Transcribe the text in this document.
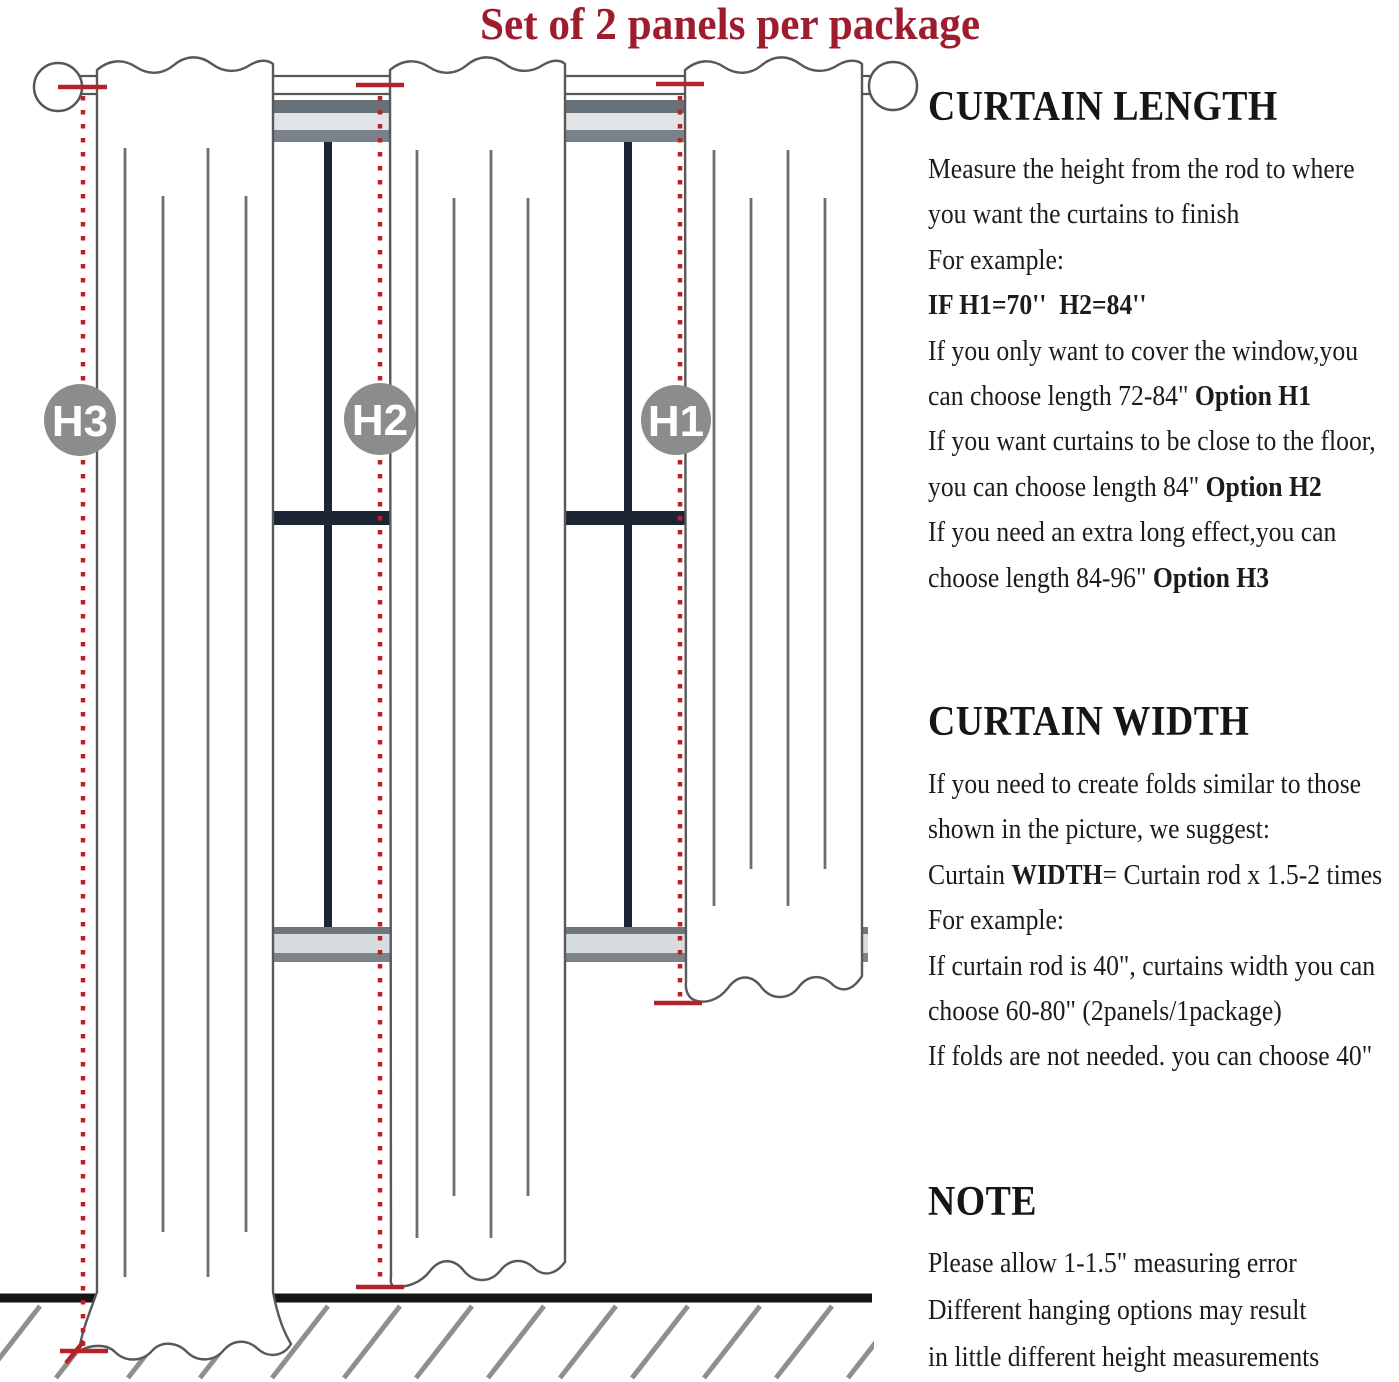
Set of 2 panels per package
H3	H2	H1
CURTAIN LENGTH
Measure the height from the rod to where
you want the curtains to finish
For example:
IF H1=70''  H2=84''
If you only want to cover the window,you
can choose length 72-84" Option H1
If you want curtains to be close to the floor,
you can choose length 84" Option H2
If you need an extra long effect,you can
choose length 84-96" Option H3
CURTAIN WIDTH
If you need to create folds similar to those
shown in the picture, we suggest:
Curtain WIDTH= Curtain rod x 1.5-2 times
For example:
If curtain rod is 40", curtains width you can
choose 60-80" (2panels/1package)
If folds are not needed. you can choose 40"
NOTE
Please allow 1-1.5" measuring error
Different hanging options may result
in little different height measurements
